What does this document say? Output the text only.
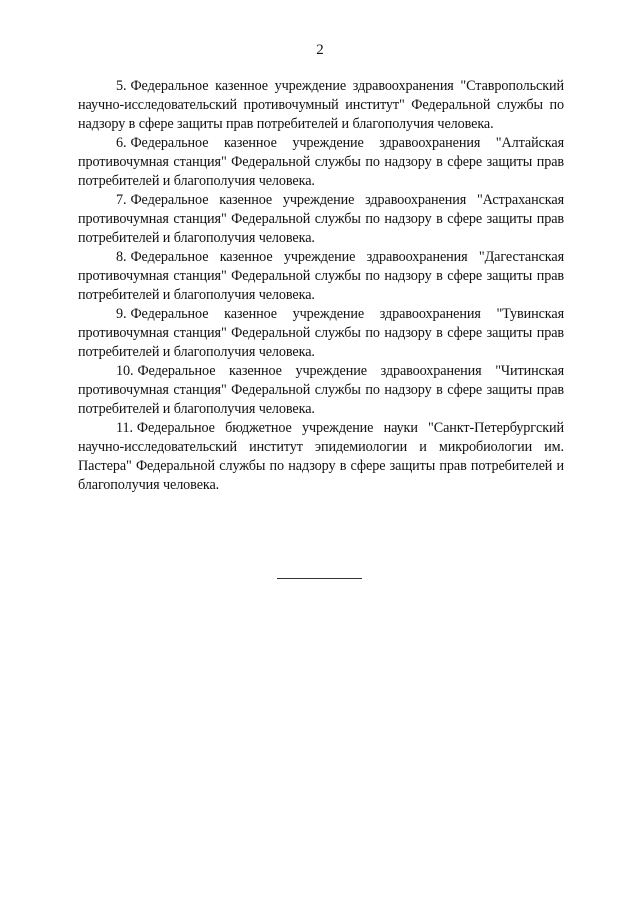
2

5. Федеральное казенное учреждение здравоохранения "Ставропольский научно-исследовательский противочумный институт" Федеральной службы по надзору в сфере защиты прав потребителей и благополучия человека.

6. Федеральное казенное учреждение здравоохранения "Алтайская противочумная станция" Федеральной службы по надзору в сфере защиты прав потребителей и благополучия человека.

7. Федеральное казенное учреждение здравоохранения "Астраханская противочумная станция" Федеральной службы по надзору в сфере защиты прав потребителей и благополучия человека.

8. Федеральное казенное учреждение здравоохранения "Дагестанская противочумная станция" Федеральной службы по надзору в сфере защиты прав потребителей и благополучия человека.

9. Федеральное казенное учреждение здравоохранения "Тувинская противочумная станция" Федеральной службы по надзору в сфере защиты прав потребителей и благополучия человека.

10. Федеральное казенное учреждение здравоохранения "Читинская противочумная станция" Федеральной службы по надзору в сфере защиты прав потребителей и благополучия человека.

11. Федеральное бюджетное учреждение науки "Санкт-Петербургский научно-исследовательский институт эпидемиологии и микробиологии им. Пастера" Федеральной службы по надзору в сфере защиты прав потребителей и благополучия человека.
